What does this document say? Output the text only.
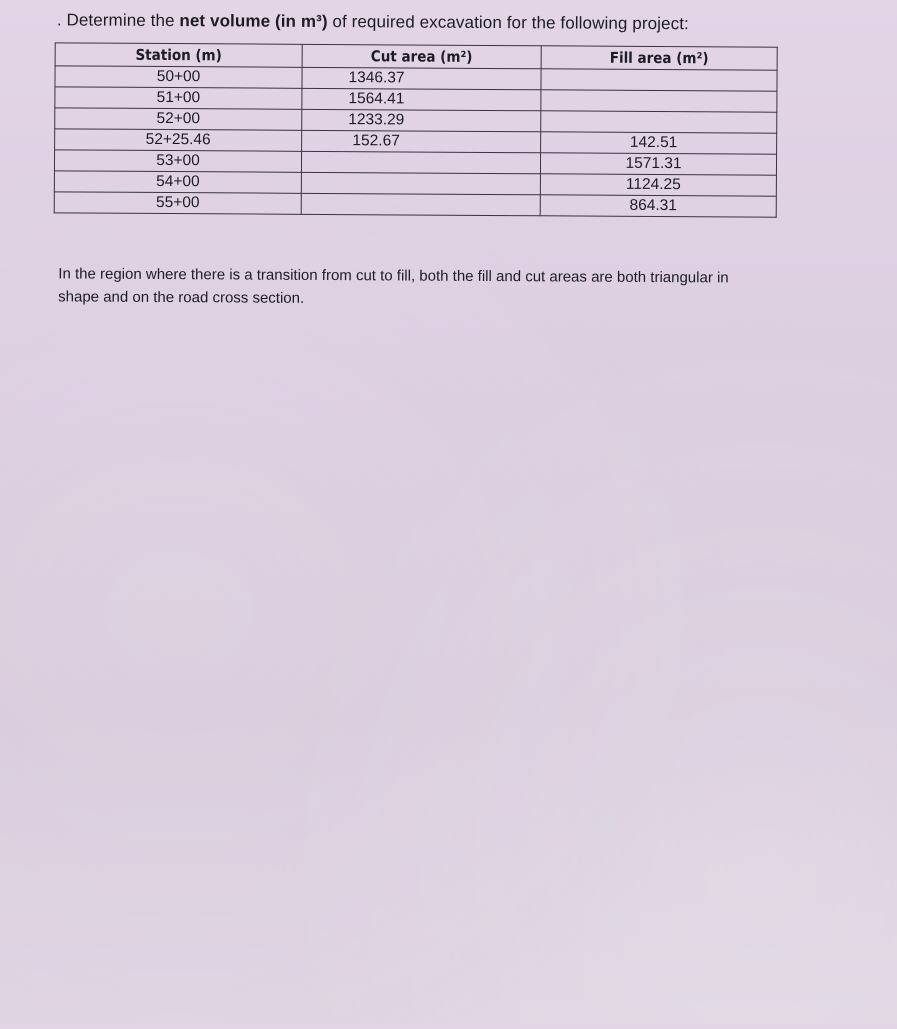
. Determine the net volume (in m³) of required excavation for the following project:
Station (m)	Cut area (m²)	Fill area (m²)
50+00	1346.37	
51+00	1564.41	
52+00	1233.29	
52+25.46	152.67	142.51
53+00		1571.31
54+00		1124.25
55+00		864.31
In the region where there is a transition from cut to fill, both the fill and cut areas are both triangular in shape and on the road cross section.
